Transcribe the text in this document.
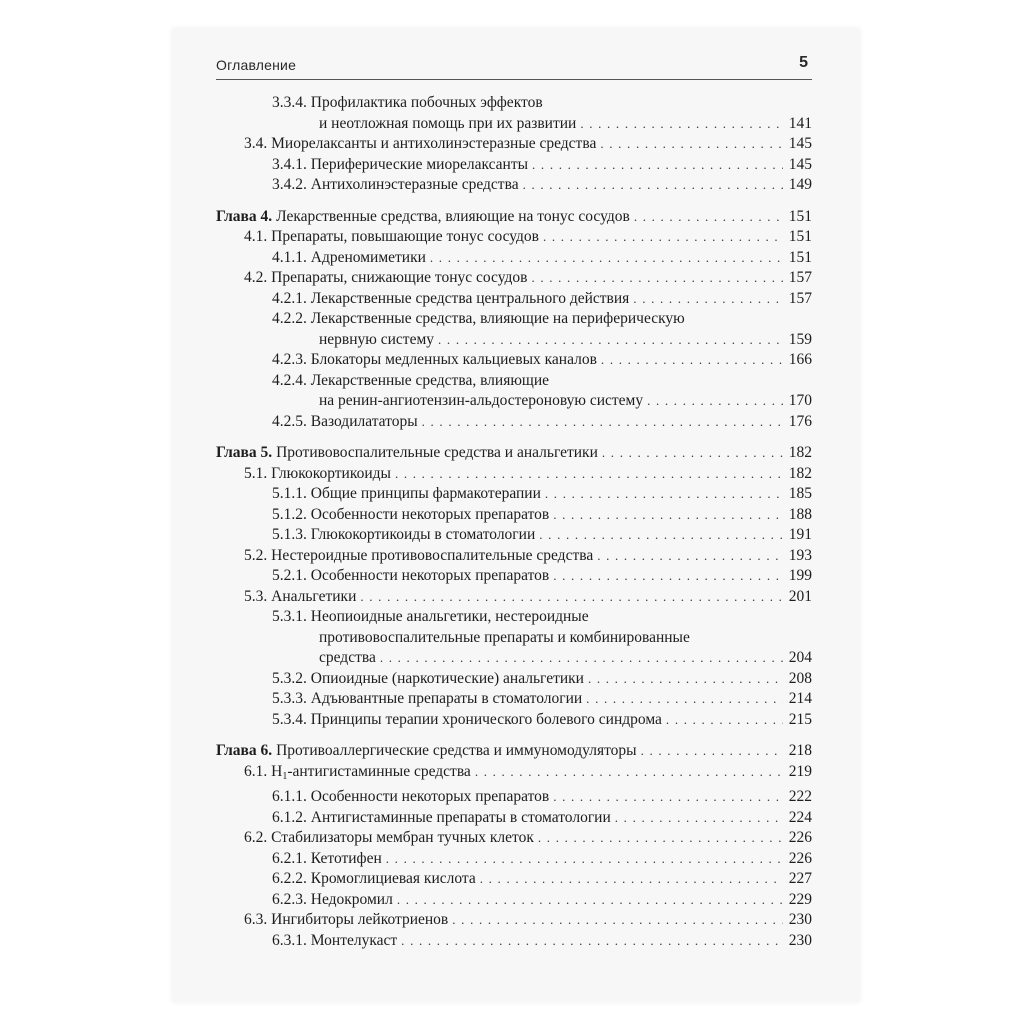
Оглавление	5
3.3.4. Профилактика побочных эффектов
и неотложная помощь при их развитии . . .	141
3.4. Миорелаксанты и антихолинэстеразные средства . . .	145
3.4.1. Периферические миорелаксанты . . .	145
3.4.2. Антихолинэстеразные средства . . .	149
Глава 4. Лекарственные средства, влияющие на тонус сосудов . . .	151
4.1. Препараты, повышающие тонус сосудов . . .	151
4.1.1. Адреномиметики . . .	151
4.2. Препараты, снижающие тонус сосудов . . .	157
4.2.1. Лекарственные средства центрального действия . . .	157
4.2.2. Лекарственные средства, влияющие на периферическую
нервную систему . . .	159
4.2.3. Блокаторы медленных кальциевых каналов . . .	166
4.2.4. Лекарственные средства, влияющие
на ренин-ангиотензин-альдостероновую систему . . .	170
4.2.5. Вазодилататоры . . .	176
Глава 5. Противовоспалительные средства и анальгетики . . .	182
5.1. Глюкокортикоиды . . .	182
5.1.1. Общие принципы фармакотерапии . . .	185
5.1.2. Особенности некоторых препаратов . . .	188
5.1.3. Глюкокортикоиды в стоматологии . . .	191
5.2. Нестероидные противовоспалительные средства . . .	193
5.2.1. Особенности некоторых препаратов . . .	199
5.3. Анальгетики . . .	201
5.3.1. Неопиоидные анальгетики, нестероидные
противовоспалительные препараты и комбинированные
средства . . .	204
5.3.2. Опиоидные (наркотические) анальгетики . . .	208
5.3.3. Адъювантные препараты в стоматологии . . .	214
5.3.4. Принципы терапии хронического болевого синдрома . . .	215
Глава 6. Противоаллергические средства и иммуномодуляторы . . .	218
6.1. H1-антигистаминные средства . . .	219
6.1.1. Особенности некоторых препаратов . . .	222
6.1.2. Антигистаминные препараты в стоматологии . . .	224
6.2. Стабилизаторы мембран тучных клеток . . .	226
6.2.1. Кетотифен . . .	226
6.2.2. Кромоглициевая кислота . . .	227
6.2.3. Недокромил . . .	229
6.3. Ингибиторы лейкотриенов . . .	230
6.3.1. Монтелукаст . . .	230
